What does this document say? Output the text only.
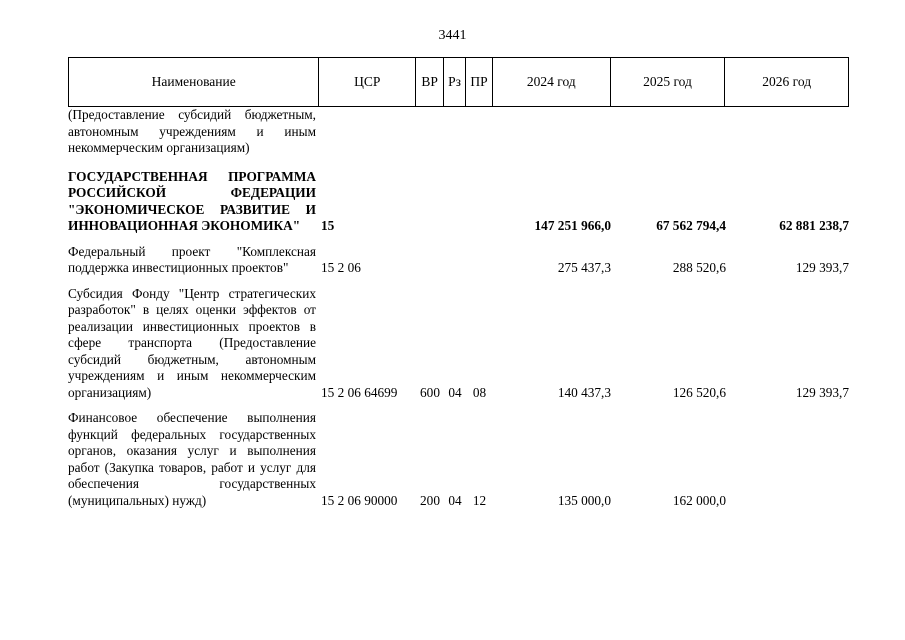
3441
Наименование	ЦСР	ВР Рз ПР	2024 год	2025 год	2026 год
(Предоставление субсидий бюджетным, автономным учреждениям и иным некоммерческим организациям)
ГОСУДАРСТВЕННАЯ ПРОГРАММА РОССИЙСКОЙ ФЕДЕРАЦИИ "ЭКОНОМИЧЕСКОЕ РАЗВИТИЕ И ИННОВАЦИОННАЯ ЭКОНОМИКА"	15	147 251 966,0	67 562 794,4	62 881 238,7
Федеральный проект "Комплексная поддержка инвестиционных проектов"	15 2 06	275 437,3	288 520,6	129 393,7
Субсидия Фонду "Центр стратегических разработок" в целях оценки эффектов от реализации инвестиционных проектов в сфере транспорта (Предоставление субсидий бюджетным, автономным учреждениям и иным некоммерческим организациям)	15 2 06 64699	600 04 08	140 437,3	126 520,6	129 393,7
Финансовое обеспечение выполнения функций федеральных государственных органов, оказания услуг и выполнения работ (Закупка товаров, работ и услуг для обеспечения государственных (муниципальных) нужд)	15 2 06 90000	200 04 12	135 000,0	162 000,0
